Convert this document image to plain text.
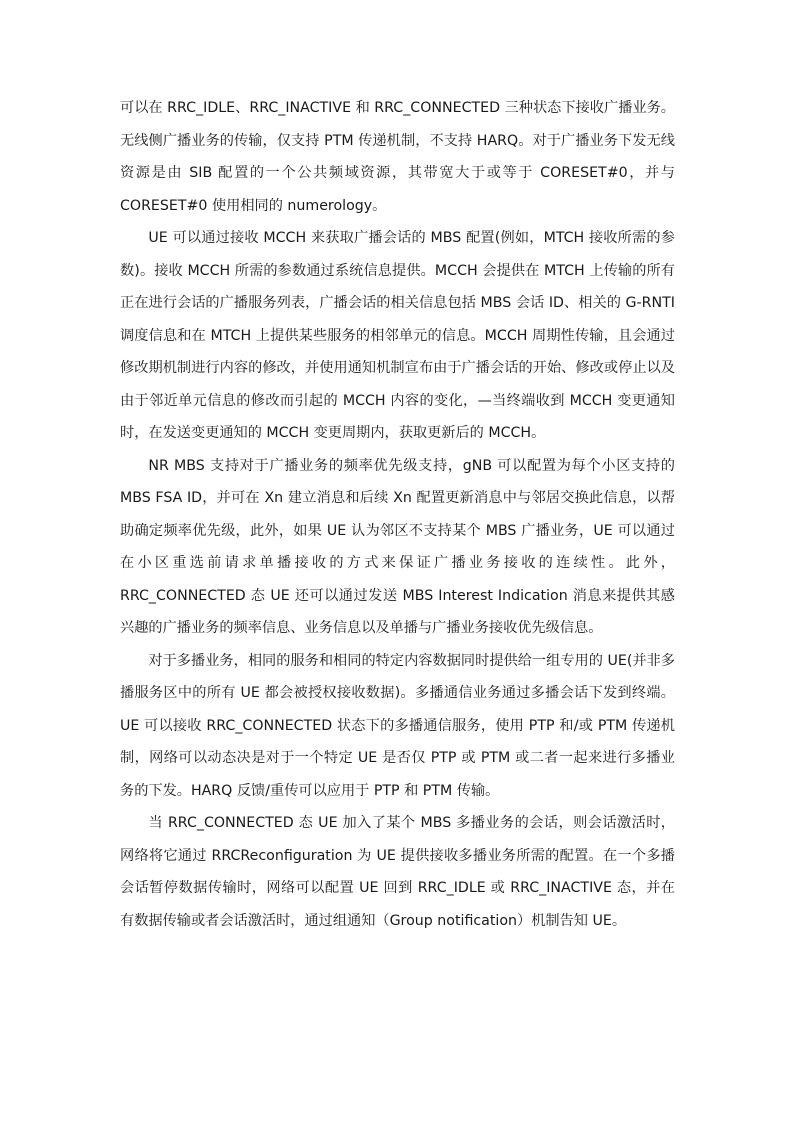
可以在 RRC_IDLE、RRC_INACTIVE 和 RRC_CONNECTED 三种状态下接收广播业务。无线侧广播业务的传输，仅支持 PTM 传递机制，不支持 HARQ。对于广播业务下发无线资源是由 SIB 配置的一个公共频域资源，其带宽大于或等于 CORESET#0，并与 CORESET#0 使用相同的 numerology。

UE 可以通过接收 MCCH 来获取广播会话的 MBS 配置(例如，MTCH 接收所需的参数)。接收 MCCH 所需的参数通过系统信息提供。MCCH 会提供在 MTCH 上传输的所有正在进行会话的广播服务列表，广播会话的相关信息包括 MBS 会话 ID、相关的 G-RNTI 调度信息和在 MTCH 上提供某些服务的相邻单元的信息。MCCH 周期性传输，且会通过修改期机制进行内容的修改，并使用通知机制宣布由于广播会话的开始、修改或停止以及由于邻近单元信息的修改而引起的 MCCH 内容的变化，—当终端收到 MCCH 变更通知时，在发送变更通知的 MCCH 变更周期内，获取更新后的 MCCH。

NR MBS 支持对于广播业务的频率优先级支持，gNB 可以配置为每个小区支持的 MBS FSA ID，并可在 Xn 建立消息和后续 Xn 配置更新消息中与邻居交换此信息，以帮助确定频率优先级，此外，如果 UE 认为邻区不支持某个 MBS 广播业务，UE 可以通过在小区重选前请求单播接收的方式来保证广播业务接收的连续性。此外，RRC_CONNECTED 态 UE 还可以通过发送 MBS Interest Indication 消息来提供其感兴趣的广播业务的频率信息、业务信息以及单播与广播业务接收优先级信息。

对于多播业务，相同的服务和相同的特定内容数据同时提供给一组专用的 UE(并非多播服务区中的所有 UE 都会被授权接收数据)。多播通信业务通过多播会话下发到终端。UE 可以接收 RRC_CONNECTED 状态下的多播通信服务，使用 PTP 和/或 PTM 传递机制，网络可以动态决是对于一个特定 UE 是否仅 PTP 或 PTM 或二者一起来进行多播业务的下发。HARQ 反馈/重传可以应用于 PTP 和 PTM 传输。

当 RRC_CONNECTED 态 UE 加入了某个 MBS 多播业务的会话，则会话激活时，网络将它通过 RRCReconfiguration 为 UE 提供接收多播业务所需的配置。在一个多播会话暂停数据传输时，网络可以配置 UE 回到 RRC_IDLE 或 RRC_INACTIVE 态，并在有数据传输或者会话激活时，通过组通知（Group notification）机制告知 UE。
